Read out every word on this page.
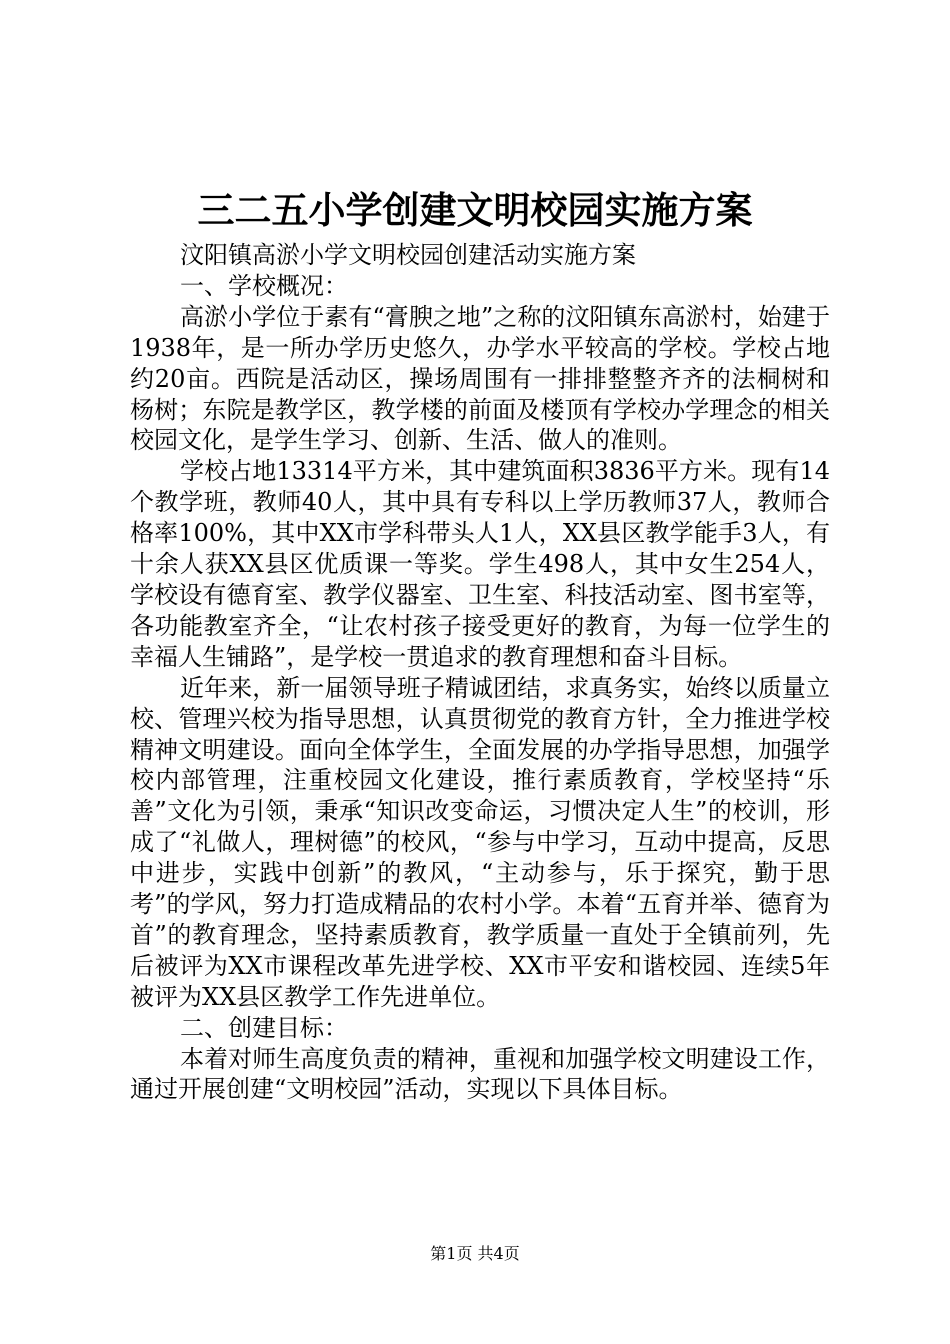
三二五小学创建文明校园实施方案

汶阳镇高淤小学文明校园创建活动实施方案

一、学校概况：

高淤小学位于素有“膏腴之地”之称的汶阳镇东高淤村，始建于1938年，是一所办学历史悠久，办学水平较高的学校。学校占地约20亩。西院是活动区，操场周围有一排排整整齐齐的法桐树和杨树；东院是教学区，教学楼的前面及楼顶有学校办学理念的相关校园文化，是学生学习、创新、生活、做人的准则。

学校占地13314平方米，其中建筑面积3836平方米。现有14个教学班，教师40人，其中具有专科以上学历教师37人，教师合格率100%，其中XX市学科带头人1人，XX县区教学能手3人，有十余人获XX县区优质课一等奖。学生498人，其中女生254人，学校设有德育室、教学仪器室、卫生室、科技活动室、图书室等，各功能教室齐全，“让农村孩子接受更好的教育，为每一位学生的幸福人生铺路”，是学校一贯追求的教育理想和奋斗目标。

近年来，新一届领导班子精诚团结，求真务实，始终以质量立校、管理兴校为指导思想，认真贯彻党的教育方针，全力推进学校精神文明建设。面向全体学生，全面发展的办学指导思想，加强学校内部管理，注重校园文化建设，推行素质教育，学校坚持“乐善”文化为引领，秉承“知识改变命运，习惯决定人生”的校训，形成了“礼做人，理树德”的校风，“参与中学习，互动中提高，反思中进步，实践中创新”的教风，“主动参与，乐于探究，勤于思考”的学风，努力打造成精品的农村小学。本着“五育并举、德育为首”的教育理念，坚持素质教育，教学质量一直处于全镇前列，先后被评为XX市课程改革先进学校、XX市平安和谐校园、连续5年被评为XX县区教学工作先进单位。

二、创建目标：

本着对师生高度负责的精神，重视和加强学校文明建设工作，通过开展创建“文明校园”活动，实现以下具体目标。

第1页 共4页
